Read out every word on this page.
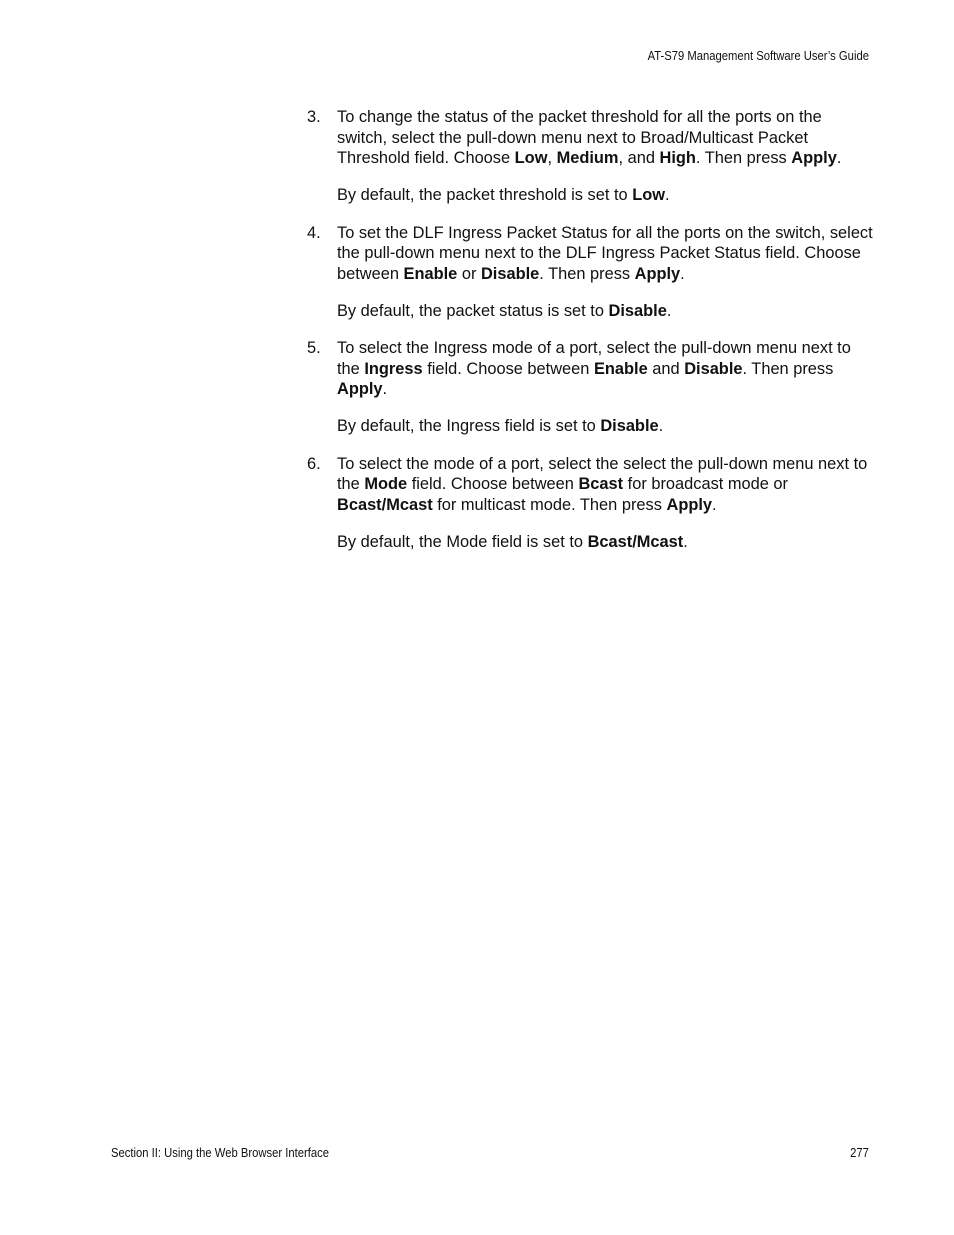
AT-S79 Management Software User’s Guide
3. To change the status of the packet threshold for all the ports on the switch, select the pull-down menu next to Broad/Multicast Packet Threshold field. Choose Low, Medium, and High. Then press Apply.

By default, the packet threshold is set to Low.

4. To set the DLF Ingress Packet Status for all the ports on the switch, select the pull-down menu next to the DLF Ingress Packet Status field. Choose between Enable or Disable. Then press Apply.

By default, the packet status is set to Disable.

5. To select the Ingress mode of a port, select the pull-down menu next to the Ingress field. Choose between Enable and Disable. Then press Apply.

By default, the Ingress field is set to Disable.

6. To select the mode of a port, select the select the pull-down menu next to the Mode field. Choose between Bcast for broadcast mode or Bcast/Mcast for multicast mode. Then press Apply.

By default, the Mode field is set to Bcast/Mcast.

Section II: Using the Web Browser Interface	277
